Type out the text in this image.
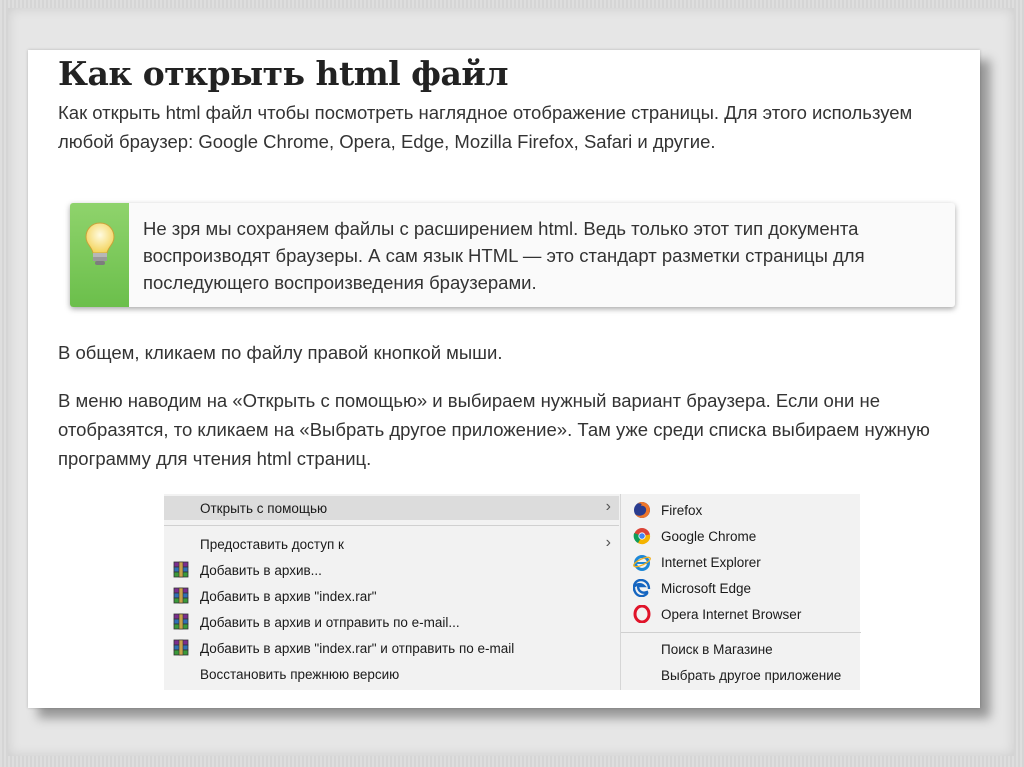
Как открыть html файл

Как открыть html файл чтобы посмотреть наглядное отображение страницы. Для этого используем любой браузер: Google Chrome, Opera, Edge, Mozilla Firefox, Safari и другие.

Не зря мы сохраняем файлы с расширением html. Ведь только этот тип документа воспроизводят браузеры. А сам язык HTML — это стандарт разметки страницы для последующего воспроизведения браузерами.

В общем, кликаем по файлу правой кнопкой мыши.

В меню наводим на «Открыть с помощью» и выбираем нужный вариант браузера. Если они не отобразятся, то кликаем на «Выбрать другое приложение». Там уже среди списка выбираем нужную программу для чтения html страниц.

Открыть с помощью	›
Предоставить доступ к	›
Добавить в архив...
Добавить в архив "index.rar"
Добавить в архив и отправить по e-mail...
Добавить в архив "index.rar" и отправить по e-mail
Восстановить прежнюю версию
Firefox
Google Chrome
Internet Explorer
Microsoft Edge
Opera Internet Browser
Поиск в Магазине
Выбрать другое приложение
